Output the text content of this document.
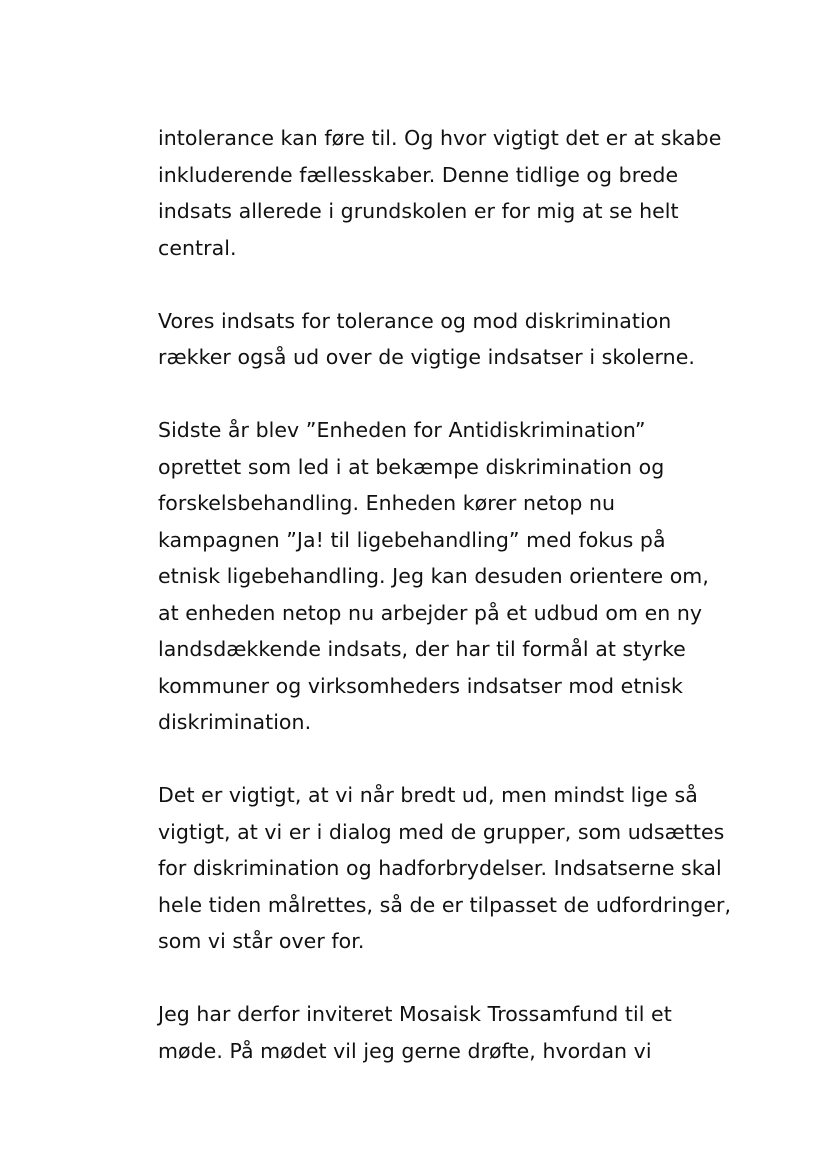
intolerance kan føre til. Og hvor vigtigt det er at skabe
inkluderende fællesskaber. Denne tidlige og brede
indsats allerede i grundskolen er for mig at se helt
central.

Vores indsats for tolerance og mod diskrimination
rækker også ud over de vigtige indsatser i skolerne.

Sidste år blev ”Enheden for Antidiskrimination”
oprettet som led i at bekæmpe diskrimination og
forskelsbehandling. Enheden kører netop nu
kampagnen ”Ja! til ligebehandling” med fokus på
etnisk ligebehandling. Jeg kan desuden orientere om,
at enheden netop nu arbejder på et udbud om en ny
landsdækkende indsats, der har til formål at styrke
kommuner og virksomheders indsatser mod etnisk
diskrimination.

Det er vigtigt, at vi når bredt ud, men mindst lige så
vigtigt, at vi er i dialog med de grupper, som udsættes
for diskrimination og hadforbrydelser. Indsatserne skal
hele tiden målrettes, så de er tilpasset de udfordringer,
som vi står over for.

Jeg har derfor inviteret Mosaisk Trossamfund til et
møde. På mødet vil jeg gerne drøfte, hvordan vi
